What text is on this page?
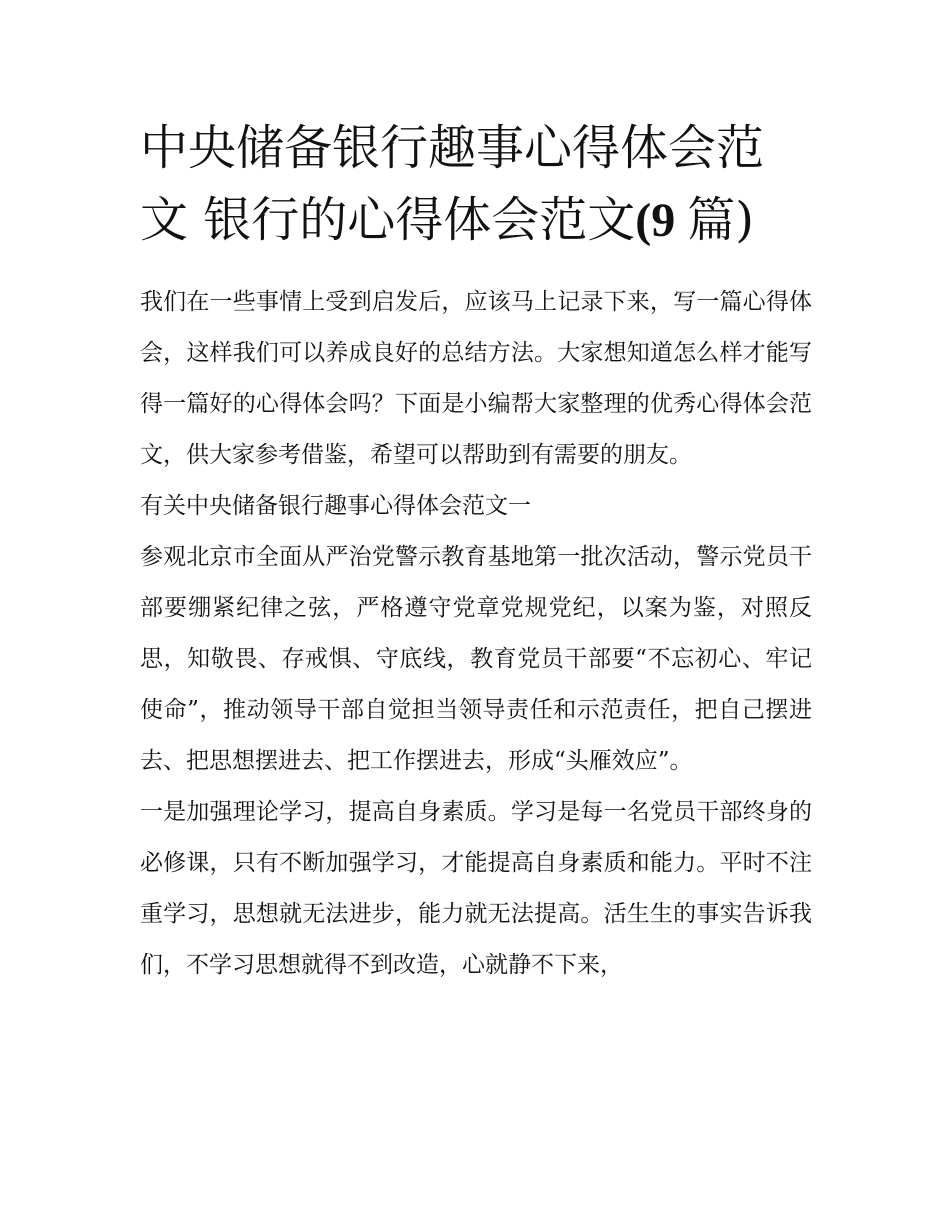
中央储备银行趣事心得体会范
文 银行的心得体会范文(9 篇)

我们在一些事情上受到启发后，应该马上记录下来，写一篇心得体会，这样我们可以养成良好的总结方法。大家想知道怎么样才能写得一篇好的心得体会吗？下面是小编帮大家整理的优秀心得体会范文，供大家参考借鉴，希望可以帮助到有需要的朋友。

有关中央储备银行趣事心得体会范文一

参观北京市全面从严治党警示教育基地第一批次活动，警示党员干部要绷紧纪律之弦，严格遵守党章党规党纪，以案为鉴，对照反思，知敬畏、存戒惧、守底线，教育党员干部要“不忘初心、牢记使命”，推动领导干部自觉担当领导责任和示范责任，把自己摆进去、把思想摆进去、把工作摆进去，形成“头雁效应”。

一是加强理论学习，提高自身素质。学习是每一名党员干部终身的必修课，只有不断加强学习，才能提高自身素质和能力。平时不注重学习，思想就无法进步，能力就无法提高。活生生的事实告诉我们，不学习思想就得不到改造，心就静不下来，
